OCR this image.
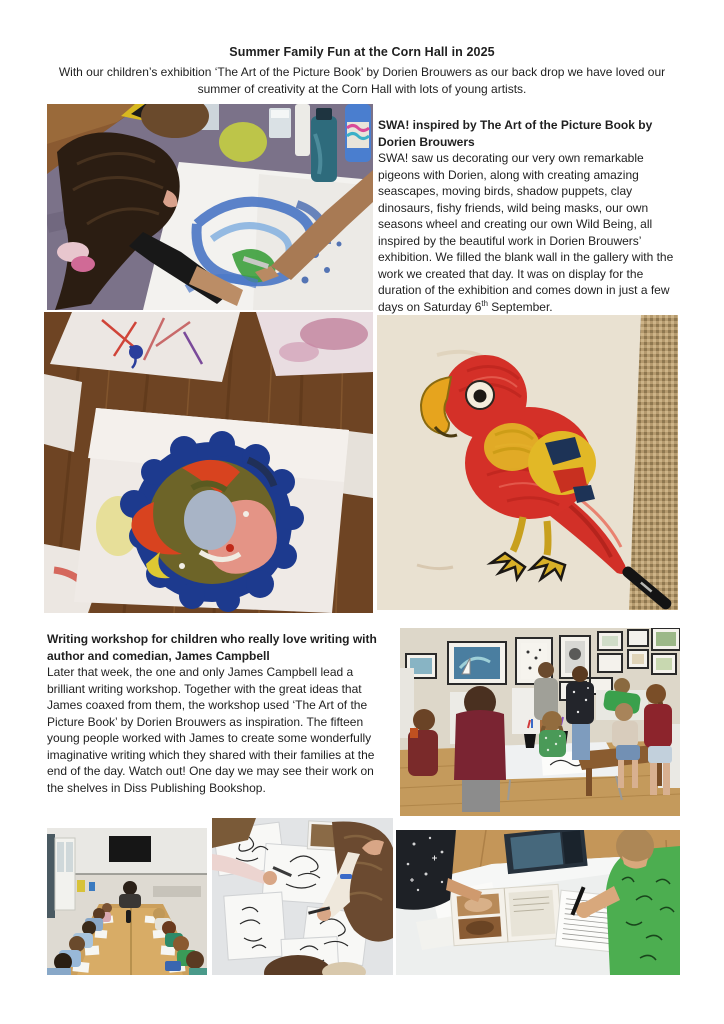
Summer Family Fun at the Corn Hall in 2025
With our children’s exhibition ‘The Art of the Picture Book’ by Dorien Brouwers as our back drop we have loved our summer of creativity at the Corn Hall with lots of young artists.

SWA! inspired by The Art of the Picture Book by Dorien Brouwers

SWA! saw us decorating our very own remarkable pigeons with Dorien, along with creating amazing seascapes, moving birds, shadow puppets, clay dinosaurs, fishy friends, wild being masks, our own seasons wheel and creating our own Wild Being, all inspired by the beautiful work in Dorien Brouwers’ exhibition. We filled the blank wall in the gallery with the work we created that day. It was on display for the duration of the exhibition and comes down in just a few days on Saturday 6th September.

Writing workshop for children who really love writing with author and comedian, James Campbell

Later that week, the one and only James Campbell lead a brilliant writing workshop. Together with the great ideas that James coaxed from them, the workshop used ‘The Art of the Picture Book’ by Dorien Brouwers as inspiration. The fifteen young people worked with James to create some wonderfully imaginative writing which they shared with their families at the end of the day. Watch out! One day we may see their work on the shelves in Diss Publishing Bookshop.
